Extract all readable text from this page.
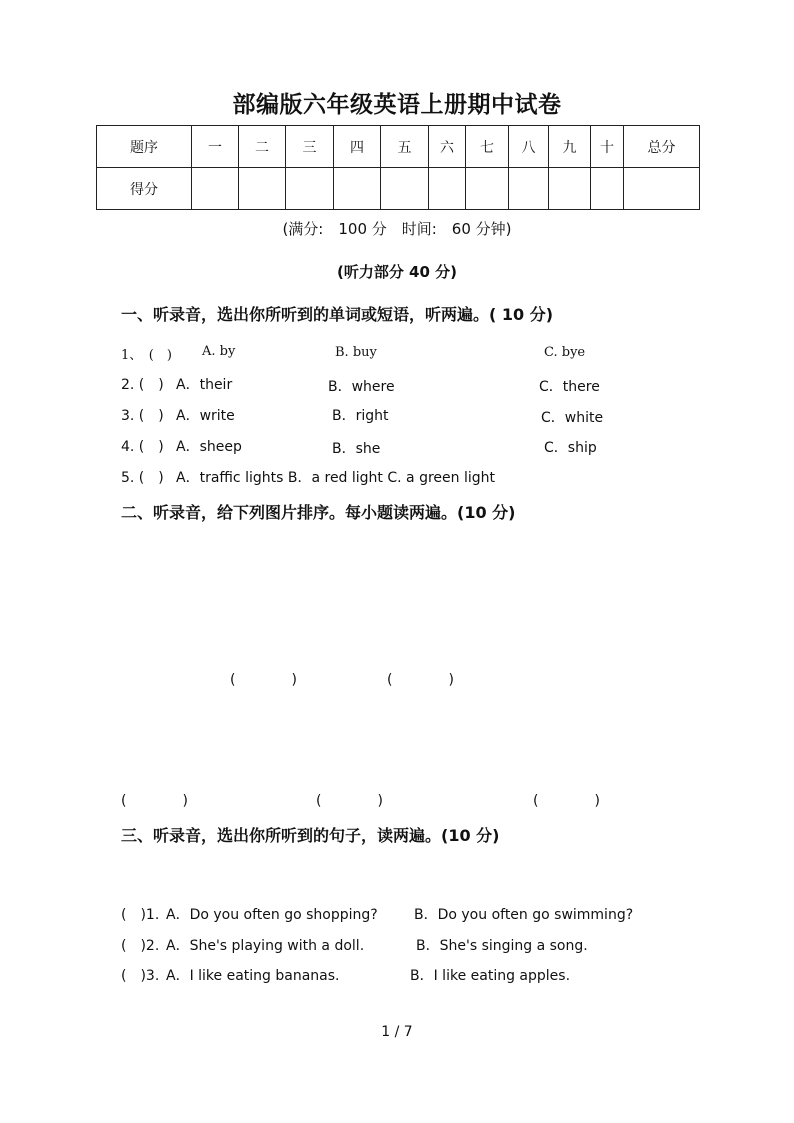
部编版六年级英语上册期中试卷
题序	一	二	三	四	五	六	七	八	九	十	总分
得分											
(满分:　100 分　时间:　60 分钟)
(听力部分 40 分)
一、听录音，选出你所听到的单词或短语，听两遍。( 10 分)
1、　(　) A. by	B. buy	C. bye
2. (　) A．their	B．where	C．there
3. (　) A．write	B．right	C．white
4. (　) A．sheep	B．she	C．ship
5. (　) A．traffic lights B．a red light C. a green light
二、听录音，给下列图片排序。每小题读两遍。(10 分)
(　　　　)	(　　　　)
(　　　　)	(　　　　)	(　　　　)
三、听录音，选出你所听到的句子，读两遍。(10 分)
(　)1. A．Do you often go shopping?	B．Do you often go swimming?
(　)2. A．She's playing with a doll.	B．She's singing a song.
(　)3. A．I like eating bananas.	B．I like eating apples.
1 / 7
